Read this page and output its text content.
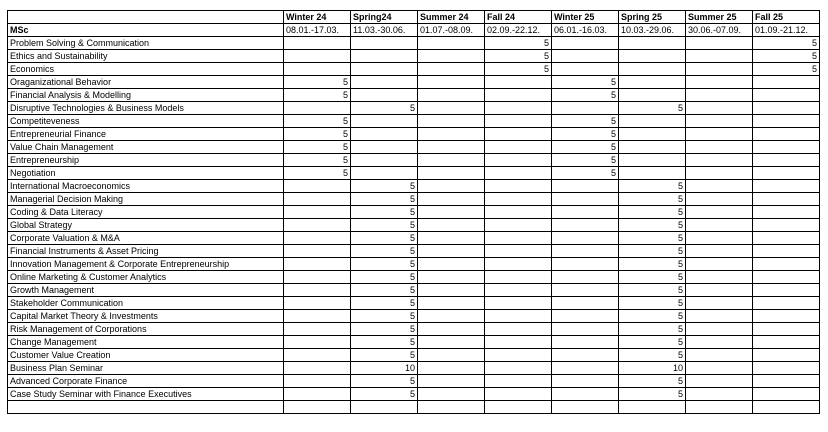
	Winter 24	Spring24	Summer 24	Fall 24	Winter 25	Spring 25	Summer 25	Fall 25
MSc	08.01.-17.03.	11.03.-30.06.	01.07.-08.09.	02.09.-22.12.	06.01.-16.03.	10.03.-29.06.	30.06.-07.09.	01.09.-21.12.
Problem Solving & Communication				5				5
Ethics and Sustainability				5				5
Economics				5				5
Oraganizational Behavior	5				5			
Financial Analysis & Modelling	5				5			
Disruptive Technologies & Business Models		5				5		
Competiteveness	5				5			
Entrepreneurial Finance	5				5			
Value Chain Management	5				5			
Entrepreneurship	5				5			
Negotiation	5				5			
International Macroeconomics		5				5		
Managerial Decision Making		5				5		
Coding & Data Literacy		5				5		
Global Strategy		5				5		
Corporate Valuation & M&A		5				5		
Financial Instruments & Asset Pricing		5				5		
Innovation Management & Corporate Entrepreneurship		5				5		
Online Marketing & Customer Analytics		5				5		
Growth Management		5				5		
Stakeholder Communication		5				5		
Capital Market Theory & Investments		5				5		
Risk Management of Corporations		5				5		
Change Management		5				5		
Customer Value Creation		5				5		
Business Plan Seminar		10				10		
Advanced Corporate Finance		5				5		
Case Study Seminar with Finance Executives		5				5		
